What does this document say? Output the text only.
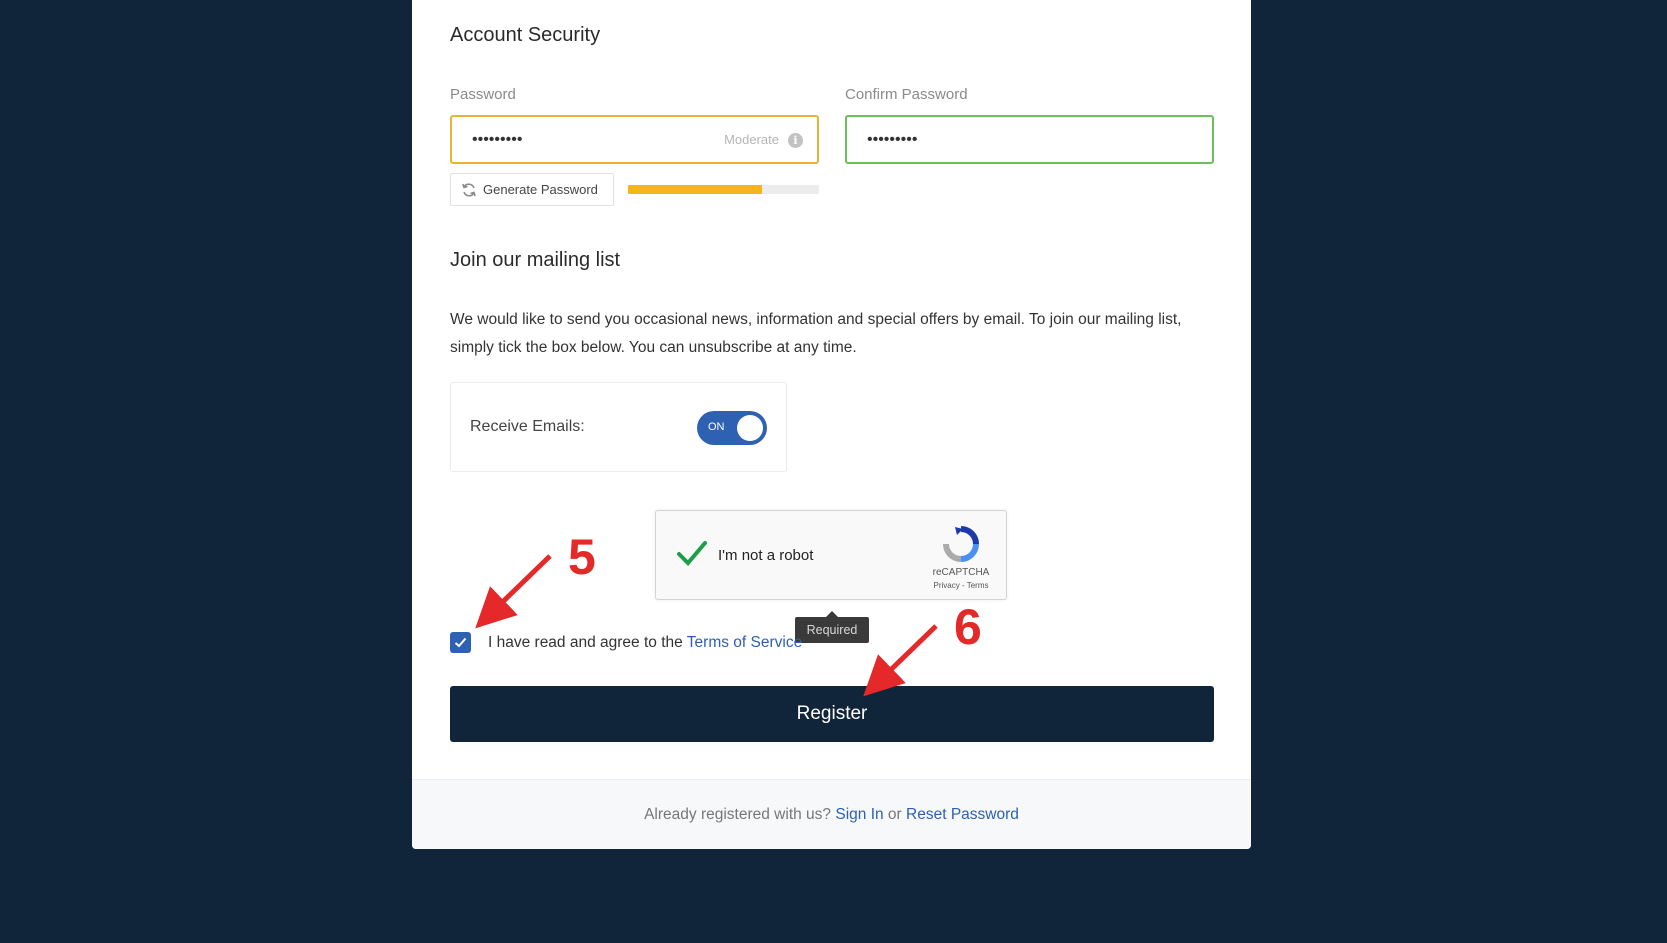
Account Security
Password	Confirm Password
•••••••••	Moderate	i	•••••••••
Generate Password
Join our mailing list
We would like to send you occasional news, information and special offers by email. To join our mailing list, simply tick the box below. You can unsubscribe at any time.
Receive Emails:	ON
I'm not a robot
reCAPTCHA
Privacy - Terms
Required
I have read and agree to the Terms of Service
Register
Already registered with us? Sign In or Reset Password
5
6
